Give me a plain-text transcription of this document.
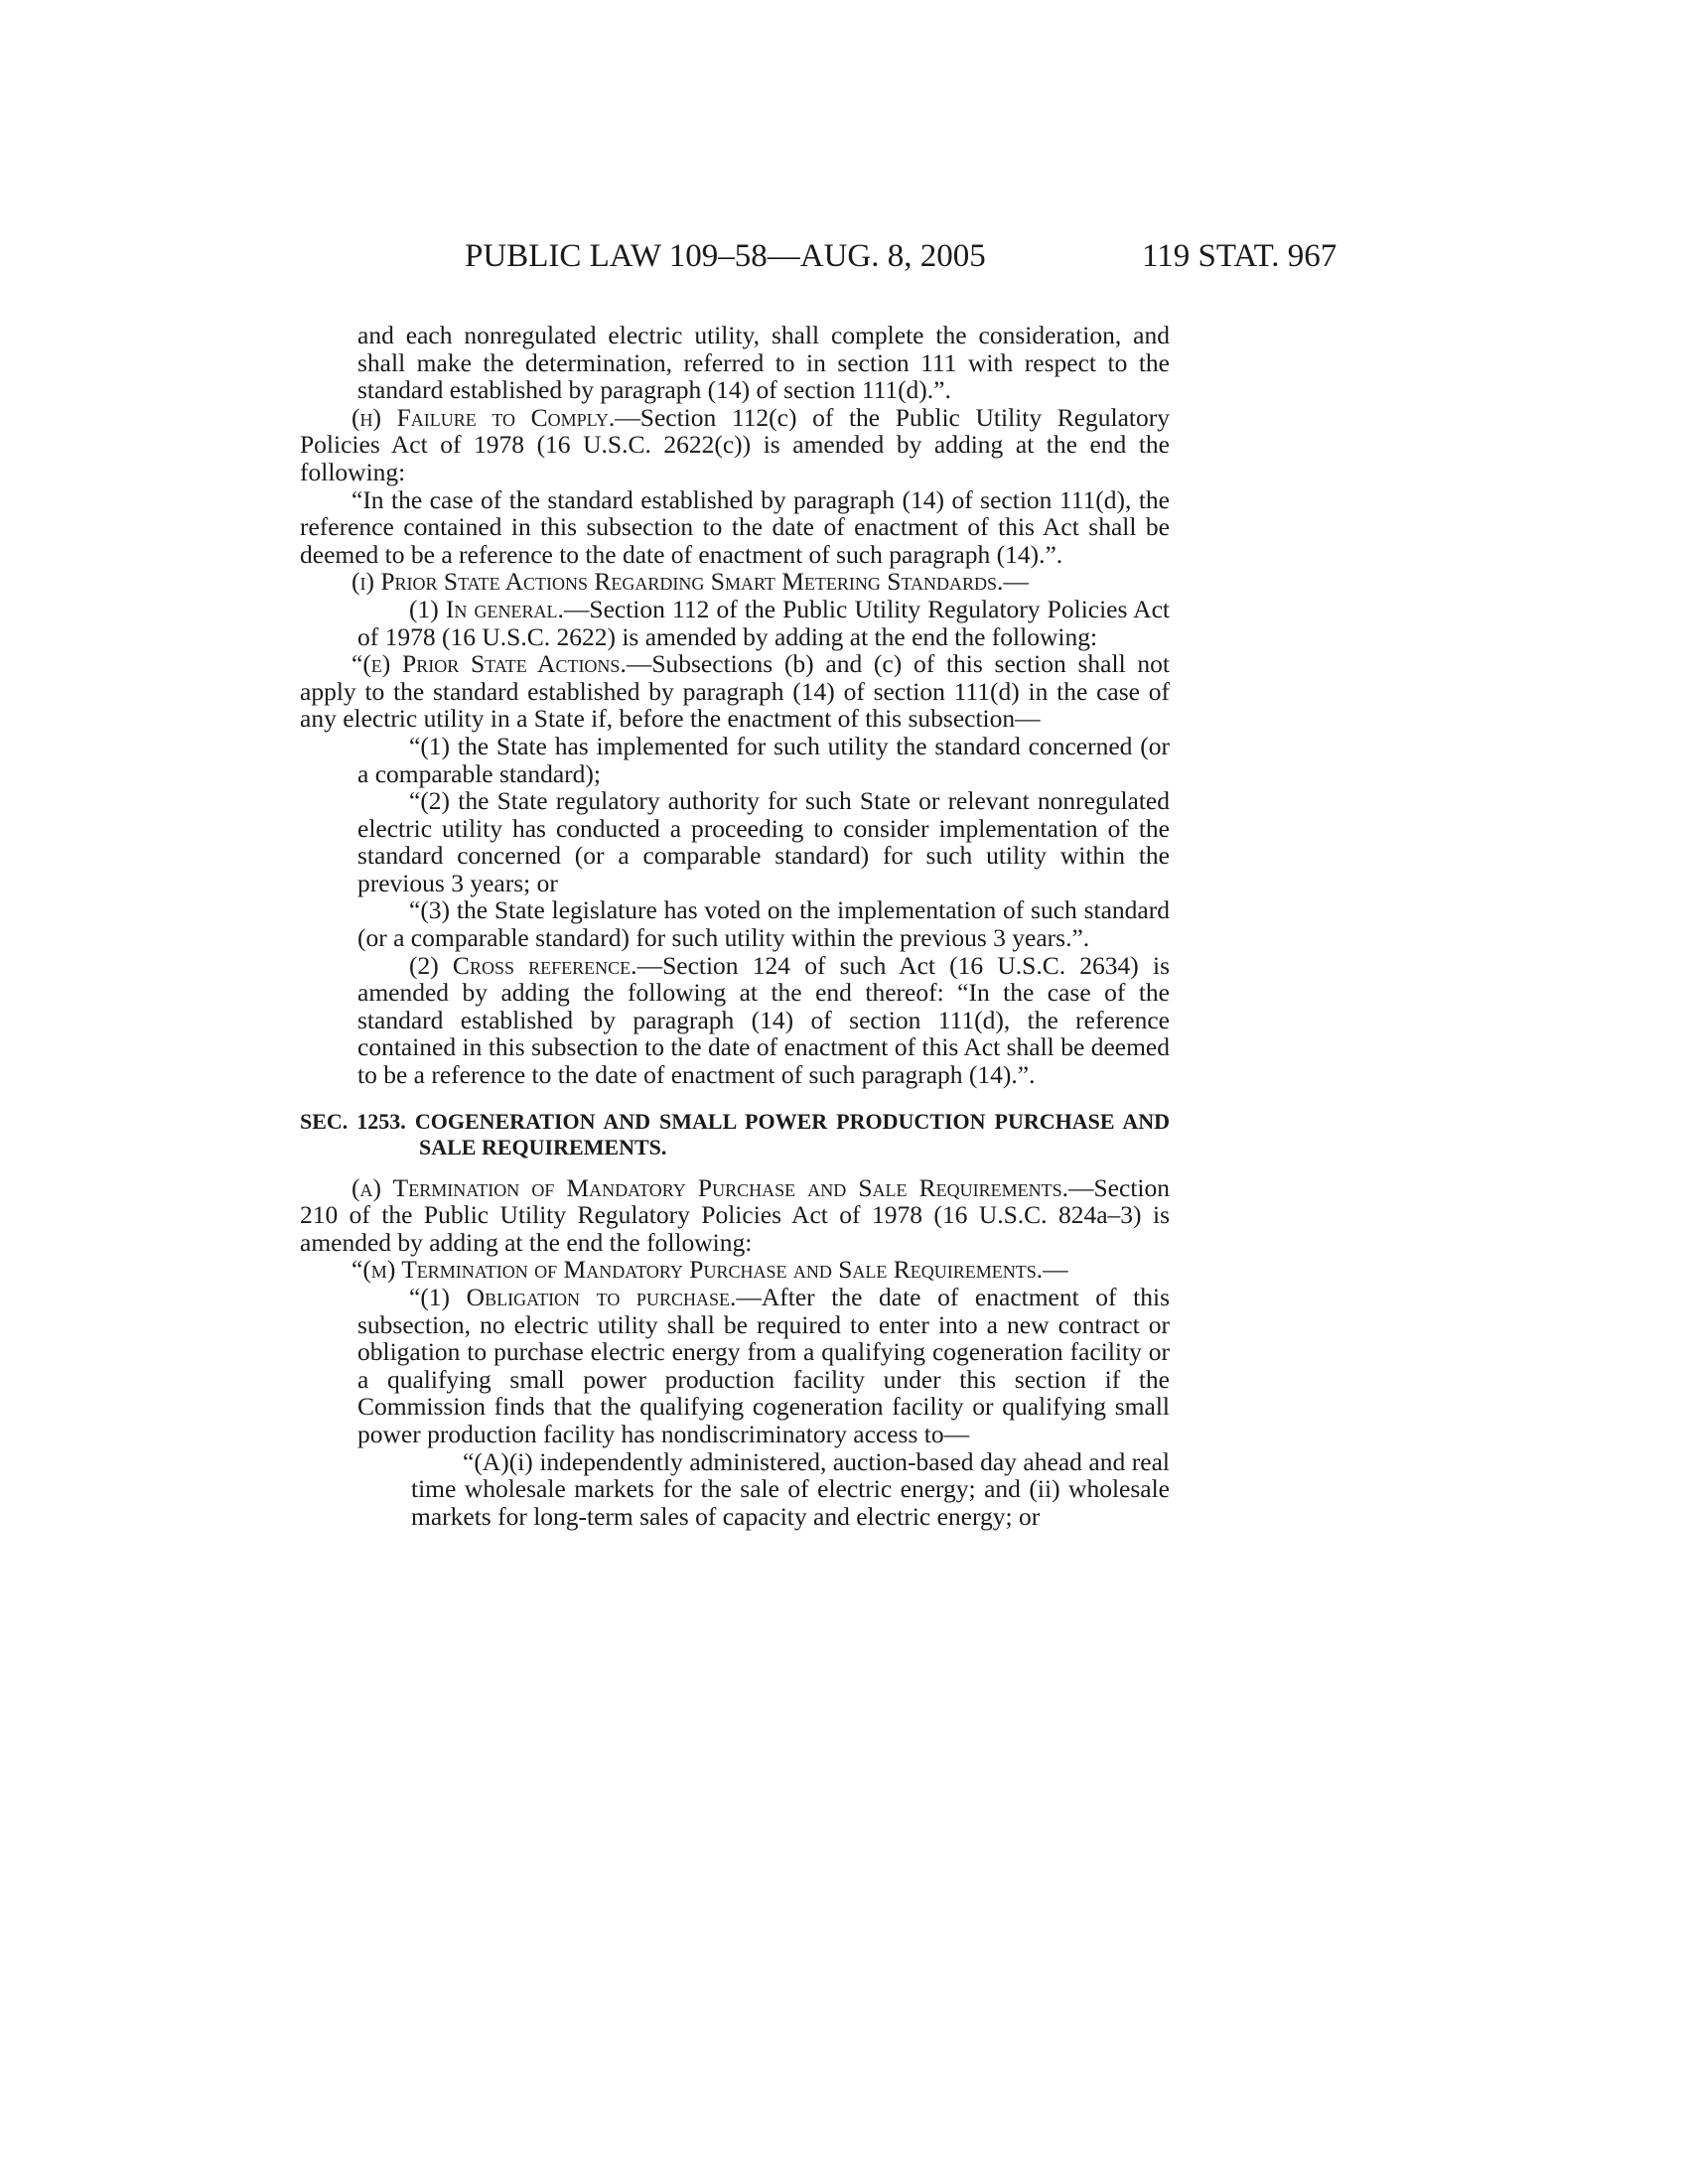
PUBLIC LAW 109–58—AUG. 8, 2005	119 STAT. 967

and each nonregulated electric utility, shall complete the consideration, and shall make the determination, referred to in section 111 with respect to the standard established by paragraph (14) of section 111(d).”.

(h) Failure to Comply.—Section 112(c) of the Public Utility Regulatory Policies Act of 1978 (16 U.S.C. 2622(c)) is amended by adding at the end the following:

“In the case of the standard established by paragraph (14) of section 111(d), the reference contained in this subsection to the date of enactment of this Act shall be deemed to be a reference to the date of enactment of such paragraph (14).”.

(i) Prior State Actions Regarding Smart Metering Standards.—

(1) In general.—Section 112 of the Public Utility Regulatory Policies Act of 1978 (16 U.S.C. 2622) is amended by adding at the end the following:

“(e) Prior State Actions.—Subsections (b) and (c) of this section shall not apply to the standard established by paragraph (14) of section 111(d) in the case of any electric utility in a State if, before the enactment of this subsection—

“(1) the State has implemented for such utility the standard concerned (or a comparable standard);

“(2) the State regulatory authority for such State or relevant nonregulated electric utility has conducted a proceeding to consider implementation of the standard concerned (or a comparable standard) for such utility within the previous 3 years; or

“(3) the State legislature has voted on the implementation of such standard (or a comparable standard) for such utility within the previous 3 years.”.

(2) Cross reference.—Section 124 of such Act (16 U.S.C. 2634) is amended by adding the following at the end thereof: “In the case of the standard established by paragraph (14) of section 111(d), the reference contained in this subsection to the date of enactment of this Act shall be deemed to be a reference to the date of enactment of such paragraph (14).”.

SEC. 1253. COGENERATION AND SMALL POWER PRODUCTION PURCHASE AND SALE REQUIREMENTS.

(a) Termination of Mandatory Purchase and Sale Requirements.—Section 210 of the Public Utility Regulatory Policies Act of 1978 (16 U.S.C. 824a–3) is amended by adding at the end the following:

“(m) Termination of Mandatory Purchase and Sale Requirements.—

“(1) Obligation to purchase.—After the date of enactment of this subsection, no electric utility shall be required to enter into a new contract or obligation to purchase electric energy from a qualifying cogeneration facility or a qualifying small power production facility under this section if the Commission finds that the qualifying cogeneration facility or qualifying small power production facility has nondiscriminatory access to—

“(A)(i) independently administered, auction-based day ahead and real time wholesale markets for the sale of electric energy; and (ii) wholesale markets for long-term sales of capacity and electric energy; or
